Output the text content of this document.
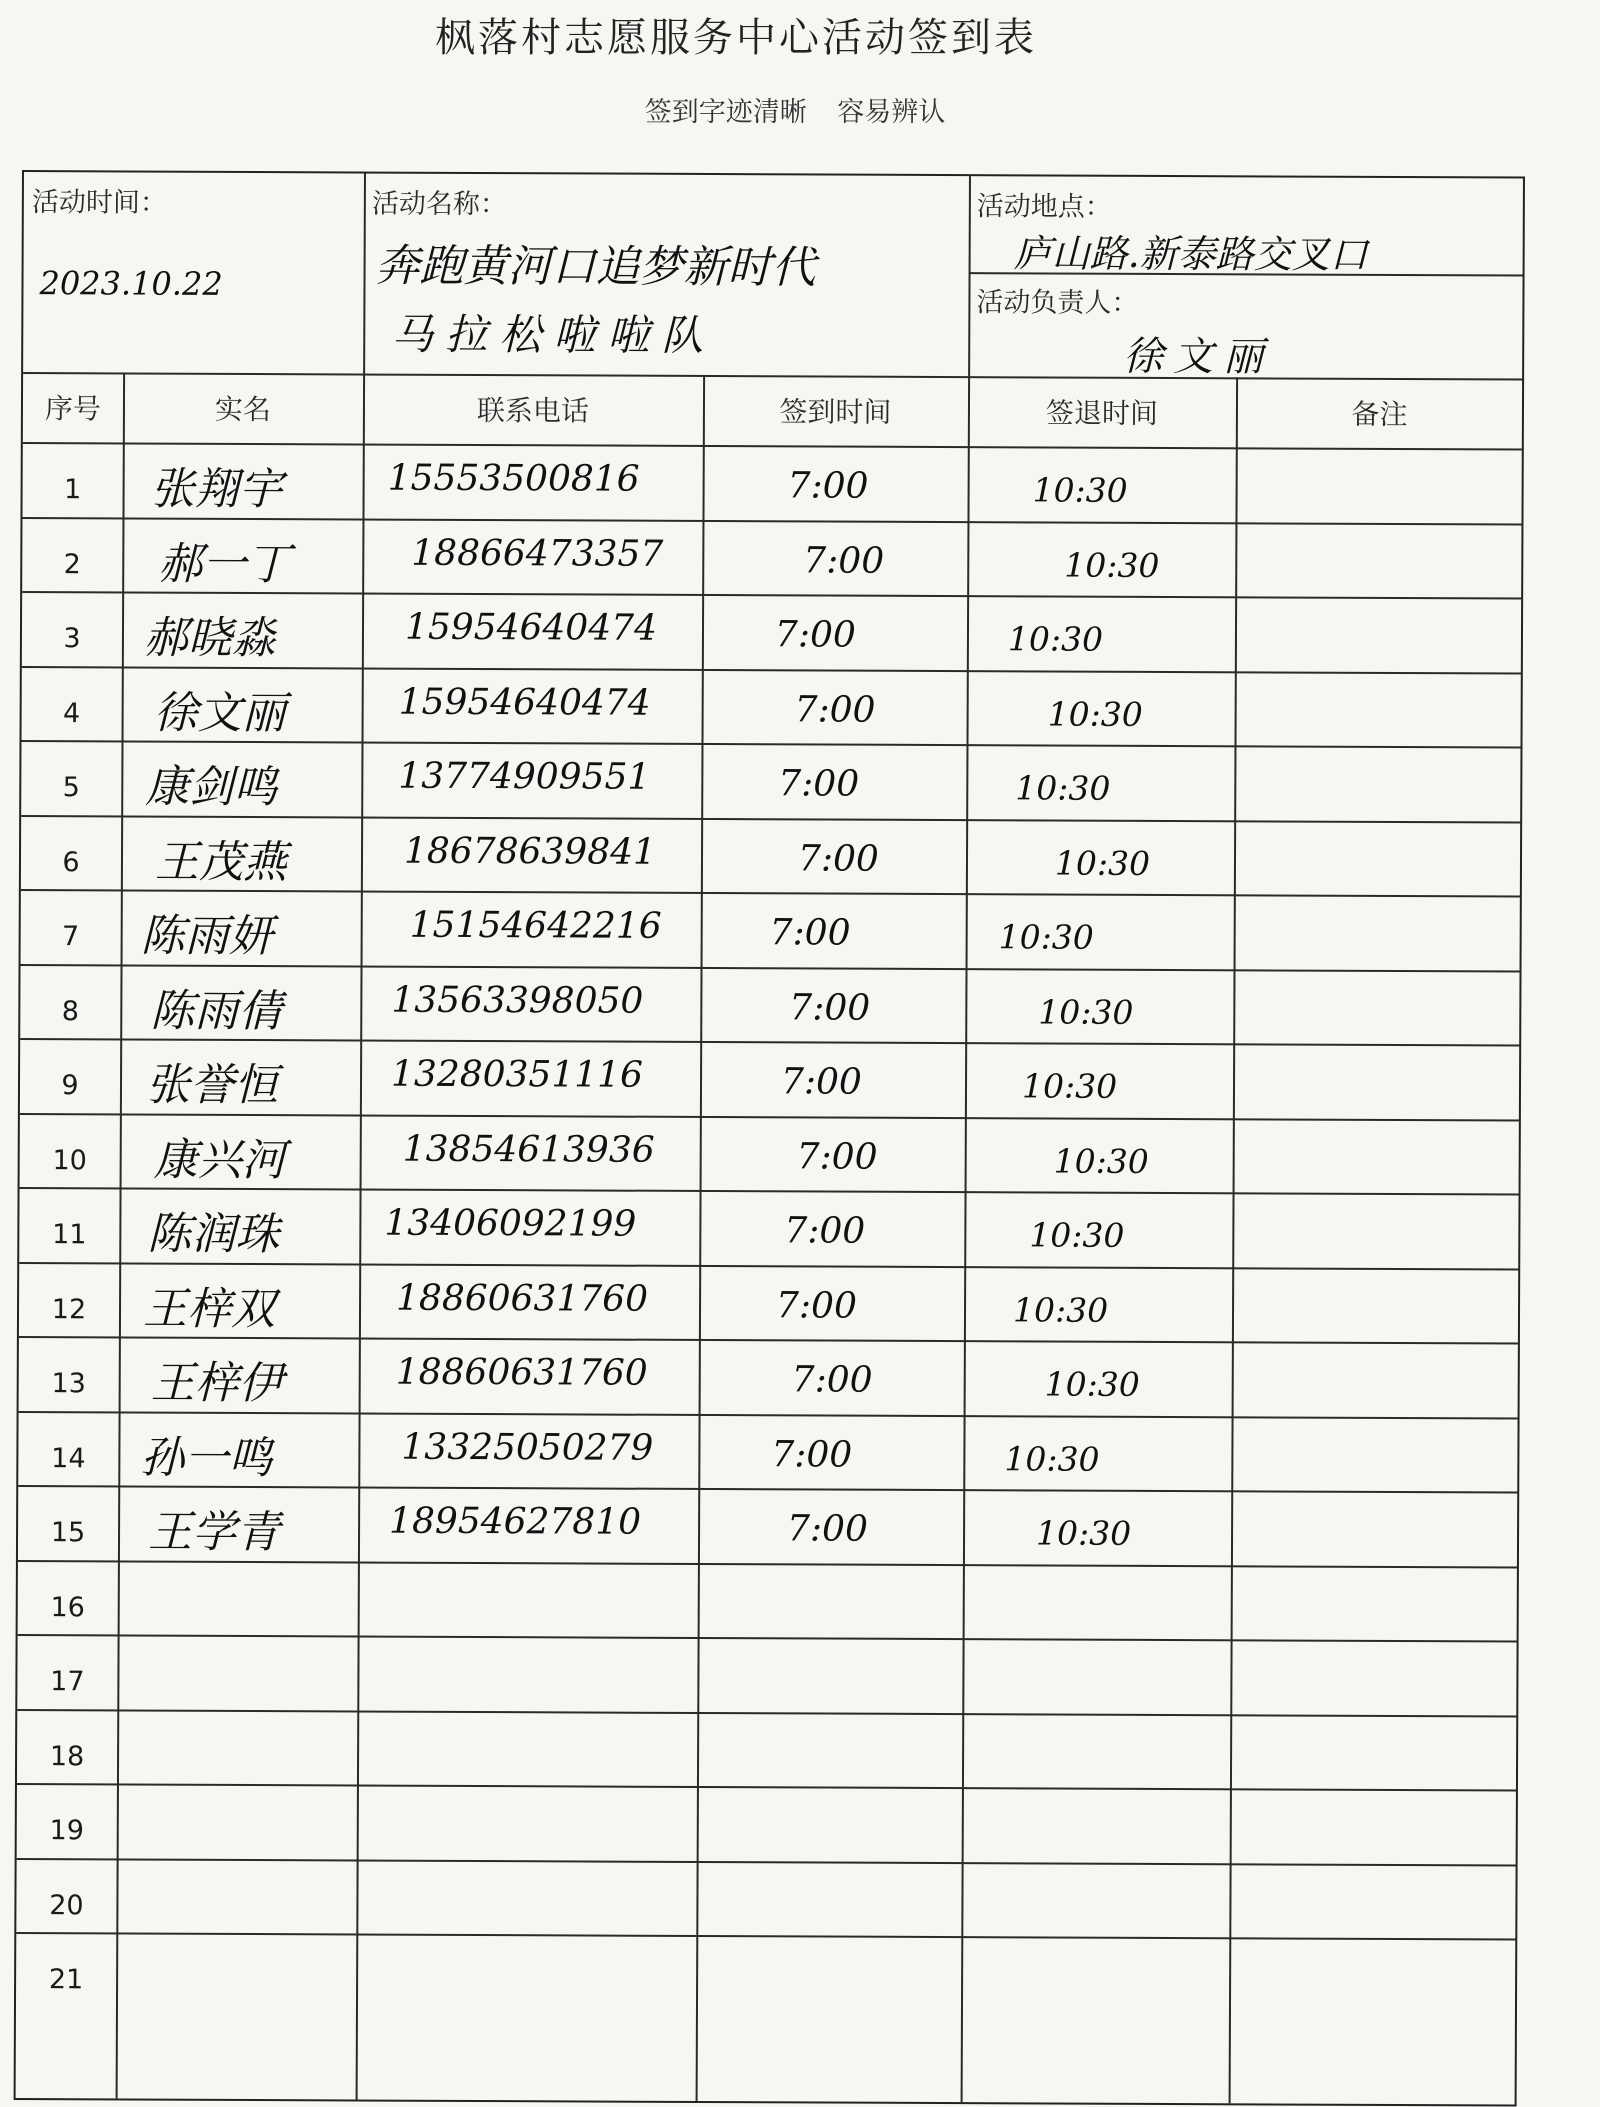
枫落村志愿服务中心活动签到表
签到字迹清晰 容易辨认
活动时间：
2023.10.22
活动名称：
奔跑黄河口追梦新时代
马拉松啦啦队
活动地点：
庐山路.新泰路交叉口
活动负责人：
徐文丽
序号	实名	联系电话	签到时间	签退时间	备注
1	张翔宇	15553500816	7:00	10:30
2	郝一丁	18866473357	7:00	10:30
3	郝晓淼	15954640474	7:00	10:30
4	徐文丽	15954640474	7:00	10:30
5	康剑鸣	13774909551	7:00	10:30
6	王茂燕	18678639841	7:00	10:30
7	陈雨妍	15154642216	7:00	10:30
8	陈雨倩	13563398050	7:00	10:30
9	张誉恒	13280351116	7:00	10:30
10	康兴河	13854613936	7:00	10:30
11	陈润珠	13406092199	7:00	10:30
12	王梓双	18860631760	7:00	10:30
13	王梓伊	18860631760	7:00	10:30
14	孙一鸣	13325050279	7:00	10:30
15	王学青	18954627810	7:00	10:30
16
17
18
19
20
21
